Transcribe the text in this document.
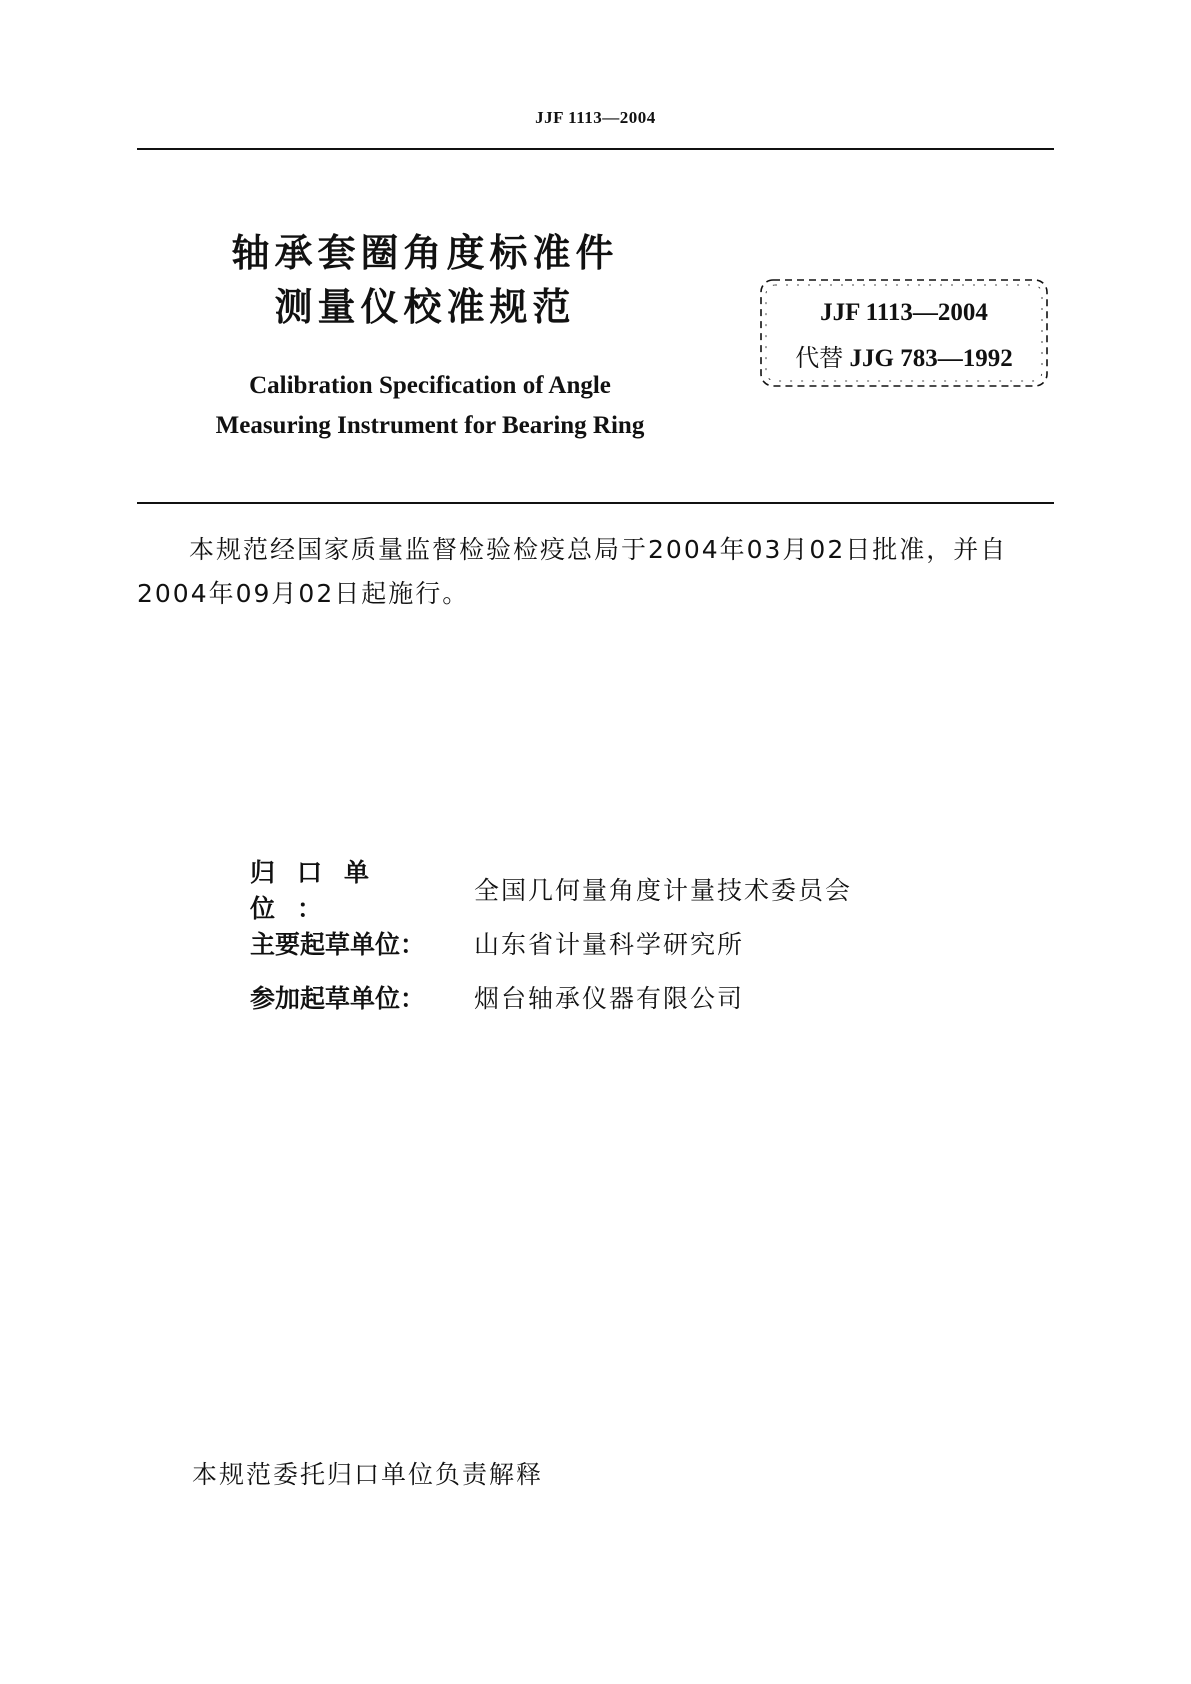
JJF 1113—2004
轴承套圈角度标准件
测量仪校准规范
Calibration Specification of Angle
Measuring Instrument for Bearing Ring
JJF 1113—2004
代替 JJG 783—1992
本规范经国家质量监督检验检疫总局于2004年03月02日批准，并自2004年09月02日起施行。
归口单位：
全国几何量角度计量技术委员会
主要起草单位：	山东省计量科学研究所
参加起草单位：	烟台轴承仪器有限公司
本规范委托归口单位负责解释
